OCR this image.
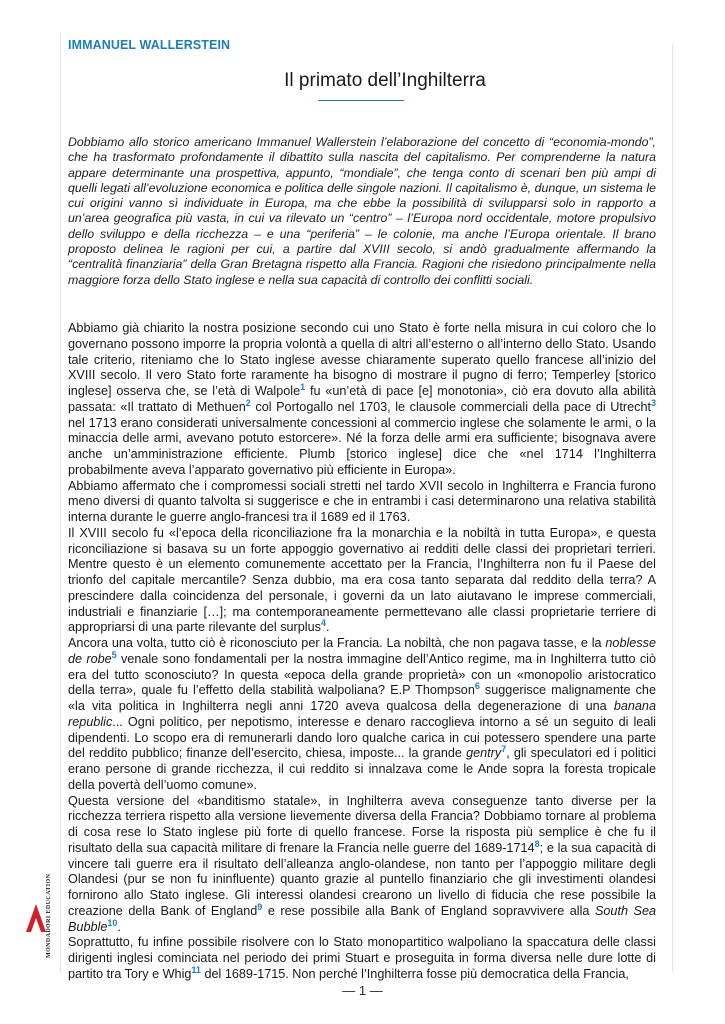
IMMANUEL WALLERSTEIN
Il primato dell’Inghilterra
Dobbiamo allo storico americano Immanuel Wallerstein l’elaborazione del concetto di “economia-mondo”, che ha trasformato profondamente il dibattito sulla nascita del capitalismo. Per comprenderne la natura appare determinante una prospettiva, appunto, “mondiale”, che tenga conto di scenari ben più ampi di quelli legati all’evoluzione economica e politica delle singole nazioni. Il capitalismo è, dunque, un sistema le cui origini vanno sì individuate in Europa, ma che ebbe la possibilità di svilupparsi solo in rapporto a un’area geografica più vasta, in cui va rilevato un “centro” – l’Europa nord occidentale, motore propulsivo dello sviluppo e della ricchezza – e una “periferia” – le colonie, ma anche l’Europa orientale. Il brano proposto delinea le ragioni per cui, a partire dal XVIII secolo, si andò gradualmente affermando la “centralità finanziaria” della Gran Bretagna rispetto alla Francia. Ragioni che risiedono principalmente nella maggiore forza dello Stato inglese e nella sua capacità di controllo dei conflitti sociali.

Abbiamo già chiarito la nostra posizione secondo cui uno Stato è forte nella misura in cui coloro che lo governano possono imporre la propria volontà a quella di altri all’esterno o all’interno dello Stato. Usando tale criterio, riteniamo che lo Stato inglese avesse chiaramente superato quello francese all’inizio del XVIII secolo. Il vero Stato forte raramente ha bisogno di mostrare il pugno di ferro; Temperley [storico inglese] osserva che, se l’età di Walpole$^1$ fu «un’età di pace [e] monotonia», ciò era dovuto alla abilità passata: «Il trattato di Methuen$^2$ col Portogallo nel 1703, le clausole commerciali della pace di Utrecht$^3$ nel 1713 erano considerati universalmente concessioni al commercio inglese che solamente le armi, o la minaccia delle armi, avevano potuto estorcere». Né la forza delle armi era sufficiente; bisognava avere anche un’amministrazione efficiente. Plumb [storico inglese] dice che «nel 1714 l’Inghilterra probabilmente aveva l’apparato governativo più efficiente in Europa».

Abbiamo affermato che i compromessi sociali stretti nel tardo XVII secolo in Inghilterra e Francia furono meno diversi di quanto talvolta si suggerisce e che in entrambi i casi determinarono una relativa stabilità interna durante le guerre anglo-francesi tra il 1689 ed il 1763.

Il XVIII secolo fu «l’epoca della riconciliazione fra la monarchia e la nobiltà in tutta Europa», e questa riconciliazione si basava su un forte appoggio governativo ai redditi delle classi dei proprietari terrieri. Mentre questo è un elemento comunemente accettato per la Francia, l’Inghilterra non fu il Paese del trionfo del capitale mercantile? Senza dubbio, ma era cosa tanto separata dal reddito della terra? A prescindere dalla coincidenza del personale, i governi da un lato aiutavano le imprese commerciali, industriali e finanziarie […]; ma contemporaneamente permettevano alle classi proprietarie terriere di appropriarsi di una parte rilevante del surplus$^4$.

Ancora una volta, tutto ciò è riconosciuto per la Francia. La nobiltà, che non pagava tasse, e la noblesse de robe$^5$ venale sono fondamentali per la nostra immagine dell’Antico regime, ma in Inghilterra tutto ciò era del tutto sconosciuto? In questa «epoca della grande proprietà» con un «monopolio aristocratico della terra», quale fu l’effetto della stabilità walpoliana? E.P Thompson$^6$ suggerisce malignamente che «la vita politica in Inghilterra negli anni 1720 aveva qualcosa della degenerazione di una banana republic... Ogni politico, per nepotismo, interesse e denaro raccoglieva intorno a sé un seguito di leali dipendenti. Lo scopo era di remunerarli dando loro qualche carica in cui potessero spendere una parte del reddito pubblico; finanze dell’esercito, chiesa, imposte... la grande gentry$^7$, gli speculatori ed i politici erano persone di grande ricchezza, il cui reddito si innalzava come le Ande sopra la foresta tropicale della povertà dell’uomo comune».

Questa versione del «banditismo statale», in Inghilterra aveva conseguenze tanto diverse per la ricchezza terriera rispetto alla versione lievemente diversa della Francia? Dobbiamo tornare al problema di cosa rese lo Stato inglese più forte di quello francese. Forse la risposta più semplice è che fu il risultato della sua capacità militare di frenare la Francia nelle guerre del 1689-1714$^8$; e la sua capacità di vincere tali guerre era il risultato dell’alleanza anglo-olandese, non tanto per l’appoggio militare degli Olandesi (pur se non fu ininfluente) quanto grazie al puntello finanziario che gli investimenti olandesi fornirono allo Stato inglese. Gli interessi olandesi crearono un livello di fiducia che rese possibile la creazione della Bank of England$^9$ e rese possibile alla Bank of England sopravvivere alla South Sea Bubble$^{10}$.

Soprattutto, fu infine possibile risolvere con lo Stato monopartitico walpoliano la spaccatura delle classi dirigenti inglesi cominciata nel periodo dei primi Stuart e proseguita in forma diversa nelle dure lotte di partito tra Tory e Whig$^{11}$ del 1689-1715. Non perché l’Inghilterra fosse più democratica della Francia,

MONDADORI EDUCATION
— 1 —
